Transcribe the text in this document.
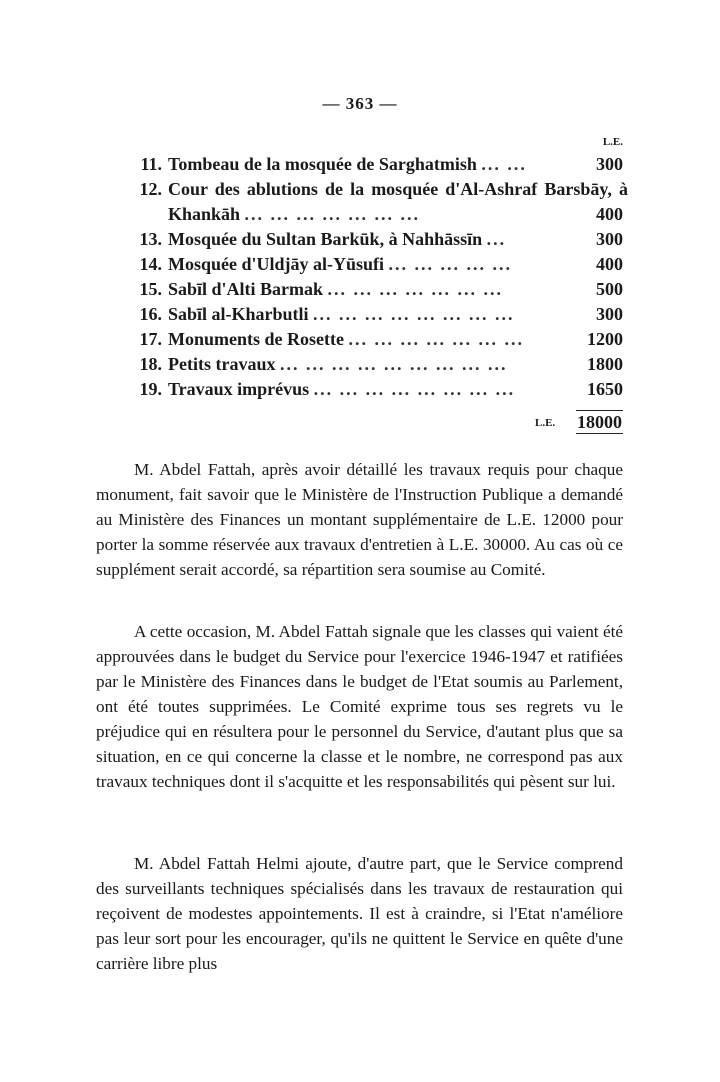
— 363 —
L.E.
11. Tombeau de la mosquée de Sarghatmish ... ...	300
12. Cour des ablutions de la mosquée d'Al-Ashraf Barsbāy, à Khankāh ... ... ... ... ... ... ...	400
13. Mosquée du Sultan Barkūk, à Nahhāssīn ...	300
14. Mosquée d'Uldjāy al-Yūsufi ... ... ... ... ...	400
15. Sabīl d'Alti Barmak ... ... ... ... ... ... ...	500
16. Sabīl al-Kharbutli ... ... ... ... ... ... ... ...	300
17. Monuments de Rosette ... ... ... ... ... ... ...	1200
18. Petits travaux ... ... ... ... ... ... ... ... ...	1800
19. Travaux imprévus ... ... ... ... ... ... ... ...	1650
L.E. 18000

M. Abdel Fattah, après avoir détaillé les travaux requis pour chaque monument, fait savoir que le Ministère de l'Instruction Publique a demandé au Ministère des Finances un montant supplémentaire de L.E. 12000 pour porter la somme réservée aux travaux d'entretien à L.E. 30000. Au cas où ce supplément serait accordé, sa répartition sera soumise au Comité.

A cette occasion, M. Abdel Fattah signale que les classes qui vaient été approuvées dans le budget du Service pour l'exercice 1946-1947 et ratifiées par le Ministère des Finances dans le budget de l'Etat soumis au Parlement, ont été toutes supprimées. Le Comité exprime tous ses regrets vu le préjudice qui en résultera pour le personnel du Service, d'autant plus que sa situation, en ce qui concerne la classe et le nombre, ne correspond pas aux travaux techniques dont il s'acquitte et les responsabilités qui pèsent sur lui.

M. Abdel Fattah Helmi ajoute, d'autre part, que le Service comprend des surveillants techniques spécialisés dans les travaux de restauration qui reçoivent de modestes appointements. Il est à craindre, si l'Etat n'améliore pas leur sort pour les encourager, qu'ils ne quittent le Service en quête d'une carrière libre plus
